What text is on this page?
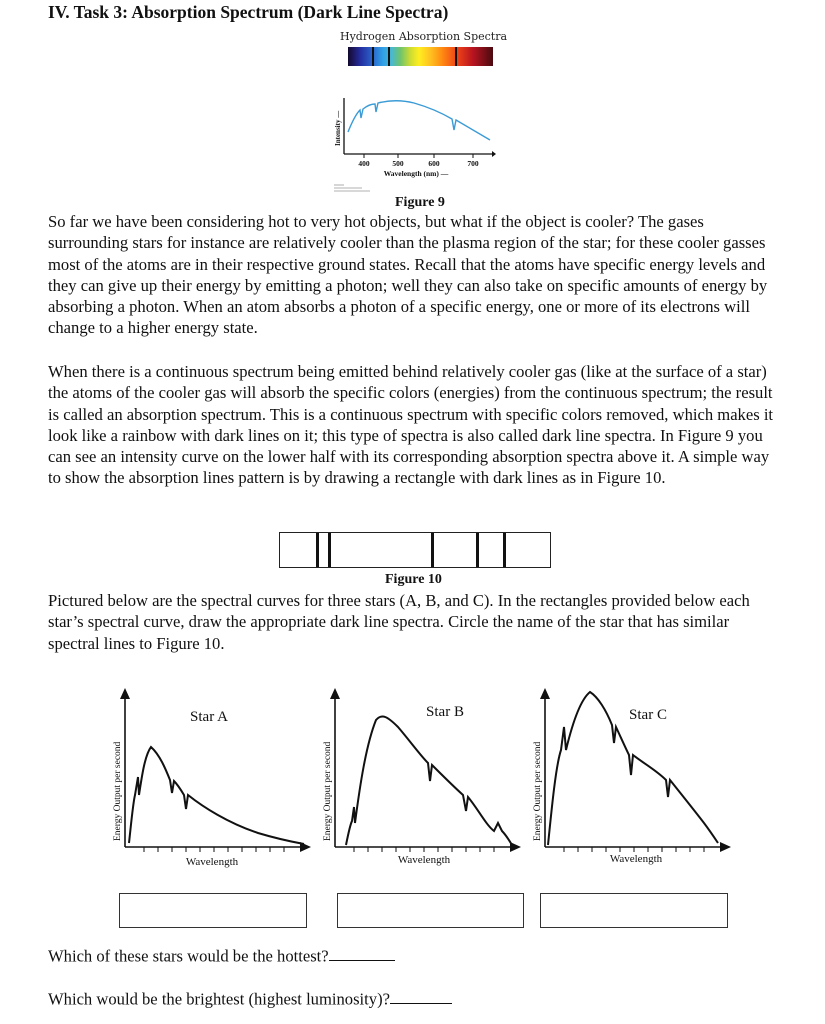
IV. Task 3: Absorption Spectrum (Dark Line Spectra)
Hydrogen Absorption Spectra
Intensity —
400	500	600	700
Wavelength (nm) —
Figure 9

So far we have been considering hot to very hot objects, but what if the object is cooler? The gases surrounding stars for instance are relatively cooler than the plasma region of the star; for these cooler gasses most of the atoms are in their respective ground states. Recall that the atoms have specific energy levels and they can give up their energy by emitting a photon; well they can also take on specific amounts of energy by absorbing a photon. When an atom absorbs a photon of a specific energy, one or more of its electrons will change to a higher energy state.

When there is a continuous spectrum being emitted behind relatively cooler gas (like at the surface of a star) the atoms of the cooler gas will absorb the specific colors (energies) from the continuous spectrum; the result is called an absorption spectrum. This is a continuous spectrum with specific colors removed, which makes it look like a rainbow with dark lines on it; this type of spectra is also called dark line spectra. In Figure 9 you can see an intensity curve on the lower half with its corresponding absorption spectra above it. A simple way to show the absorption lines pattern is by drawing a rectangle with dark lines as in Figure 10.

Figure 10

Pictured below are the spectral curves for three stars (A, B, and C). In the rectangles provided below each star’s spectral curve, draw the appropriate dark line spectra. Circle the name of the star that has similar spectral lines to Figure 10.

Star A
Energy Output per second
Wavelength
Star B
Energy Output per second
Wavelength
Star C
Energy Output per second
Wavelength
Which of these stars would be the hottest?
Which would be the brightest (highest luminosity)?
